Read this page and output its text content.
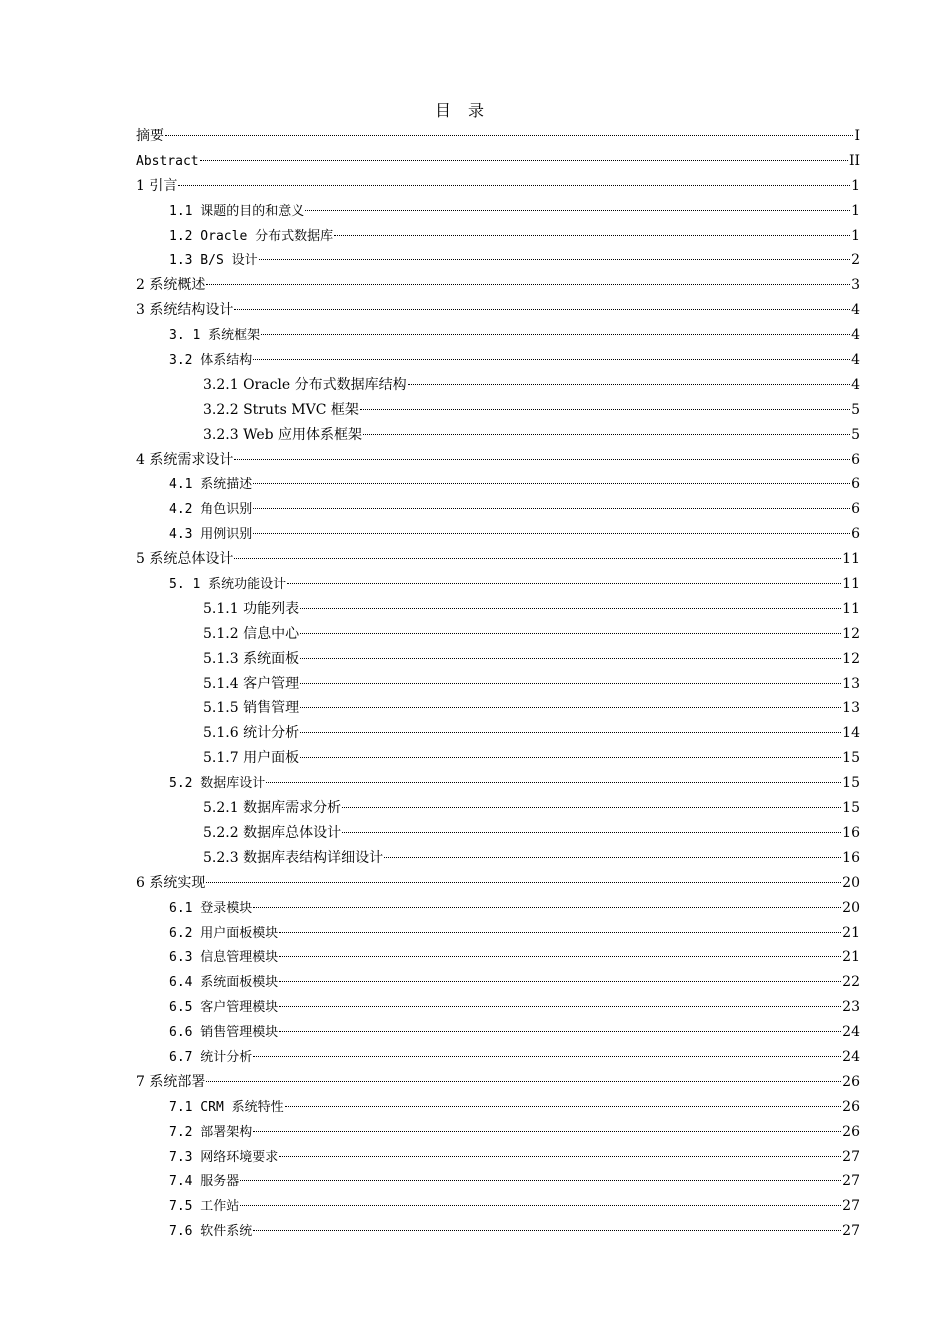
目 录
摘要	I
Abstract	II
1 引言	1
1.1 课题的目的和意义	1
1.2 Oracle 分布式数据库	1
1.3 B/S 设计	2
2 系统概述	3
3 系统结构设计	4
3. 1 系统框架	4
3.2 体系结构	4
3.2.1 Oracle 分布式数据库结构	4
3.2.2 Struts MVC 框架	5
3.2.3 Web 应用体系框架	5
4 系统需求设计	6
4.1 系统描述	6
4.2 角色识别	6
4.3 用例识别	6
5 系统总体设计	11
5. 1 系统功能设计	11
5.1.1 功能列表	11
5.1.2 信息中心	12
5.1.3 系统面板	12
5.1.4 客户管理	13
5.1.5 销售管理	13
5.1.6 统计分析	14
5.1.7 用户面板	15
5.2 数据库设计	15
5.2.1 数据库需求分析	15
5.2.2 数据库总体设计	16
5.2.3 数据库表结构详细设计	16
6 系统实现	20
6.1 登录模块	20
6.2 用户面板模块	21
6.3 信息管理模块	21
6.4 系统面板模块	22
6.5 客户管理模块	23
6.6 销售管理模块	24
6.7 统计分析	24
7 系统部署	26
7.1 CRM 系统特性	26
7.2 部署架构	26
7.3 网络环境要求	27
7.4 服务器	27
7.5 工作站	27
7.6 软件系统	27
